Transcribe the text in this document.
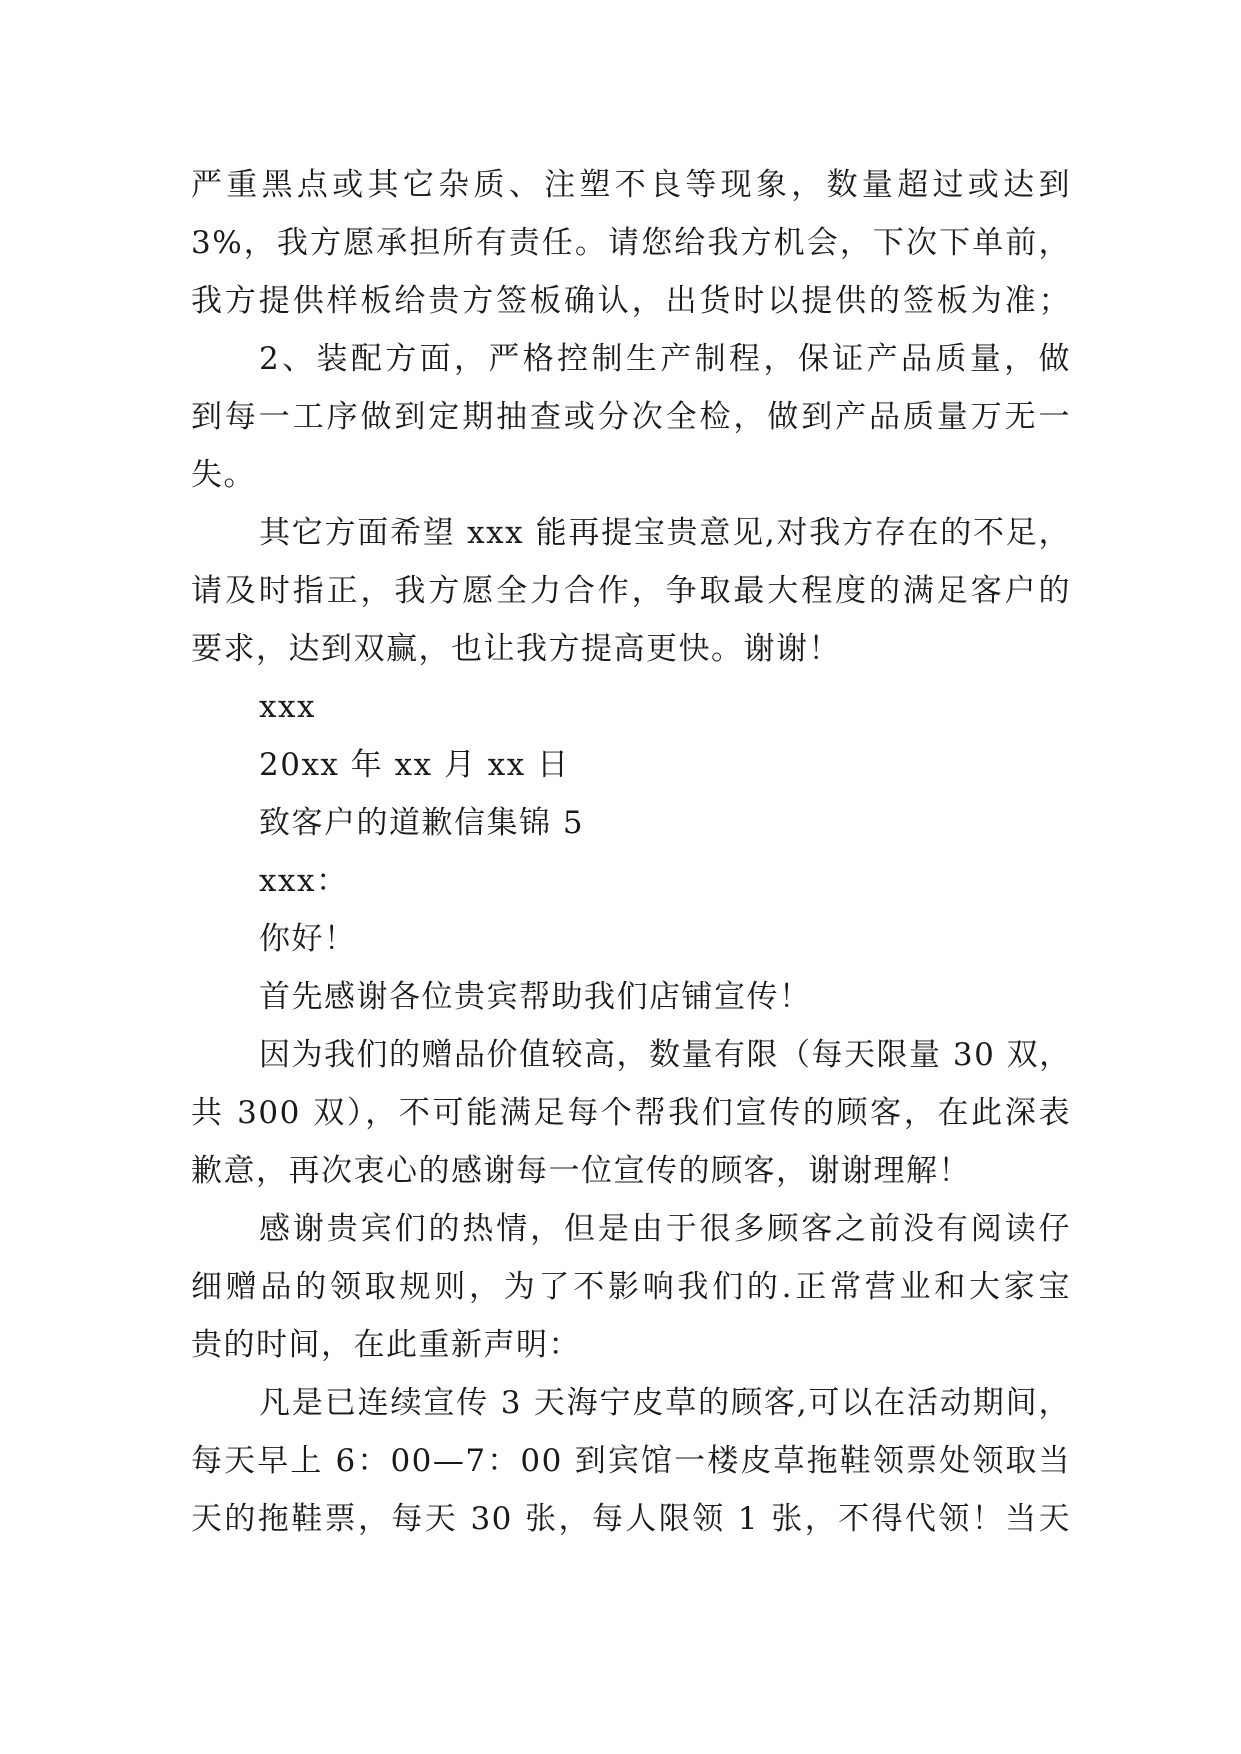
严重黑点或其它杂质、注塑不良等现象，数量超过或达到
3%，我方愿承担所有责任。请您给我方机会，下次下单前，
我方提供样板给贵方签板确认，出货时以提供的签板为准；
2、装配方面，严格控制生产制程，保证产品质量，做
到每一工序做到定期抽查或分次全检，做到产品质量万无一
失。
其它方面希望 xxx 能再提宝贵意见,对我方存在的不足，
请及时指正，我方愿全力合作，争取最大程度的满足客户的
要求，达到双赢，也让我方提高更快。谢谢！
xxx
20xx 年 xx 月 xx 日
致客户的道歉信集锦 5
xxx：
你好！
首先感谢各位贵宾帮助我们店铺宣传！
因为我们的赠品价值较高，数量有限（每天限量 30 双，
共 300 双），不可能满足每个帮我们宣传的顾客，在此深表
歉意，再次衷心的感谢每一位宣传的顾客，谢谢理解！
感谢贵宾们的热情，但是由于很多顾客之前没有阅读仔
细赠品的领取规则，为了不影响我们的.正常营业和大家宝
贵的时间，在此重新声明：
凡是已连续宣传 3 天海宁皮草的顾客,可以在活动期间，
每天早上 6：00—7：00 到宾馆一楼皮草拖鞋领票处领取当
天的拖鞋票，每天 30 张，每人限领 1 张，不得代领！当天
